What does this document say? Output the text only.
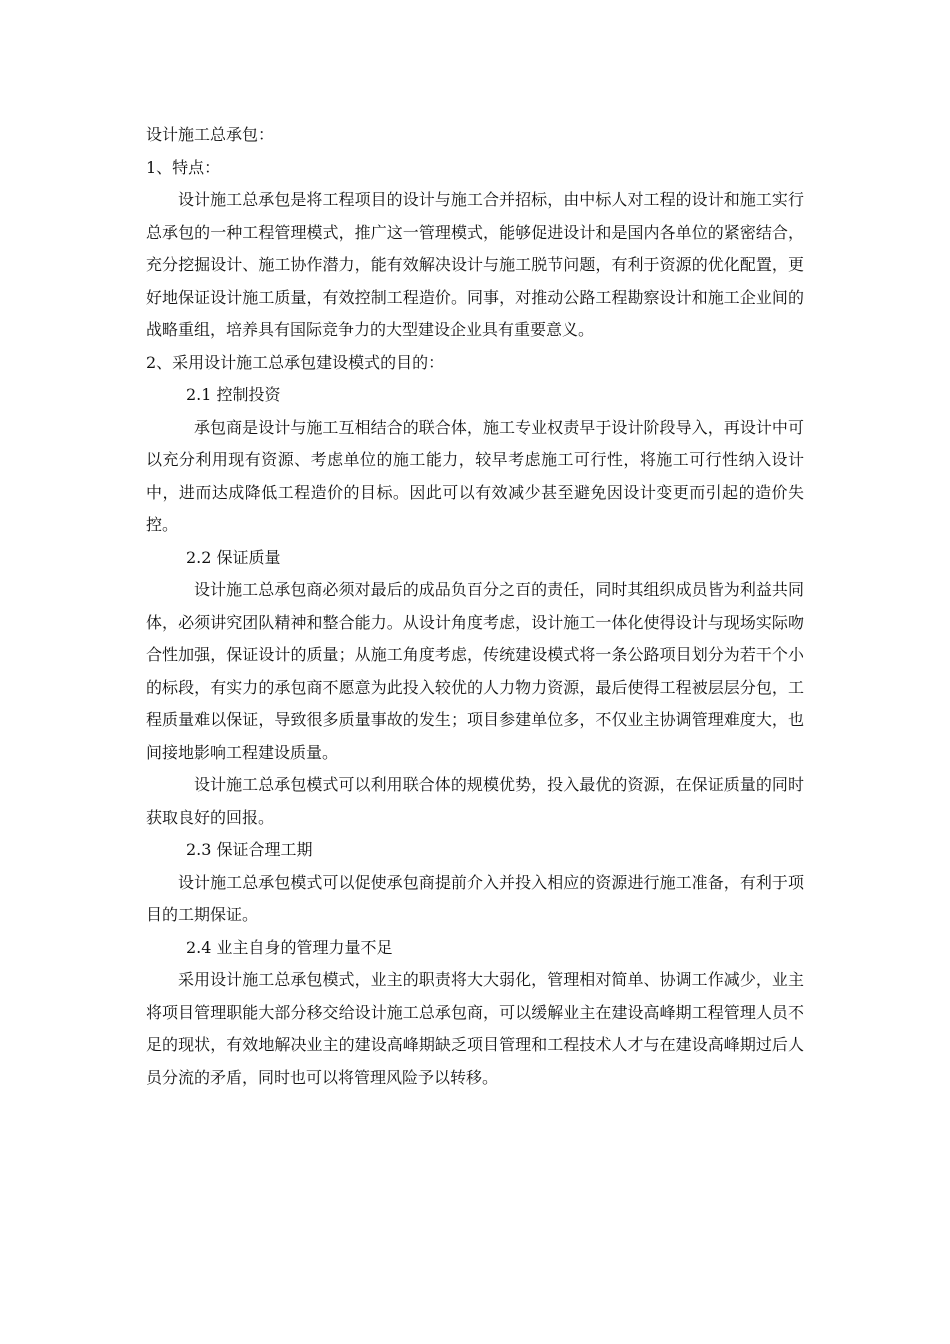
设计施工总承包：

1、特点：

设计施工总承包是将工程项目的设计与施工合并招标，由中标人对工程的设计和施工实行总承包的一种工程管理模式，推广这一管理模式，能够促进设计和是国内各单位的紧密结合，充分挖掘设计、施工协作潜力，能有效解决设计与施工脱节问题，有利于资源的优化配置，更好地保证设计施工质量，有效控制工程造价。同事，对推动公路工程勘察设计和施工企业间的战略重组，培养具有国际竞争力的大型建设企业具有重要意义。

2、采用设计施工总承包建设模式的目的：

2.1 控制投资

承包商是设计与施工互相结合的联合体，施工专业权责早于设计阶段导入，再设计中可以充分利用现有资源、考虑单位的施工能力，较早考虑施工可行性，将施工可行性纳入设计中，进而达成降低工程造价的目标。因此可以有效减少甚至避免因设计变更而引起的造价失控。

2.2 保证质量

设计施工总承包商必须对最后的成品负百分之百的责任，同时其组织成员皆为利益共同体，必须讲究团队精神和整合能力。从设计角度考虑，设计施工一体化使得设计与现场实际吻合性加强，保证设计的质量；从施工角度考虑，传统建设模式将一条公路项目划分为若干个小的标段，有实力的承包商不愿意为此投入较优的人力物力资源，最后使得工程被层层分包，工程质量难以保证，导致很多质量事故的发生；项目参建单位多，不仅业主协调管理难度大，也间接地影响工程建设质量。

设计施工总承包模式可以利用联合体的规模优势，投入最优的资源，在保证质量的同时获取良好的回报。

2.3 保证合理工期

设计施工总承包模式可以促使承包商提前介入并投入相应的资源进行施工准备，有利于项目的工期保证。

2.4 业主自身的管理力量不足

采用设计施工总承包模式，业主的职责将大大弱化，管理相对简单、协调工作减少，业主将项目管理职能大部分移交给设计施工总承包商，可以缓解业主在建设高峰期工程管理人员不足的现状，有效地解决业主的建设高峰期缺乏项目管理和工程技术人才与在建设高峰期过后人员分流的矛盾，同时也可以将管理风险予以转移。
